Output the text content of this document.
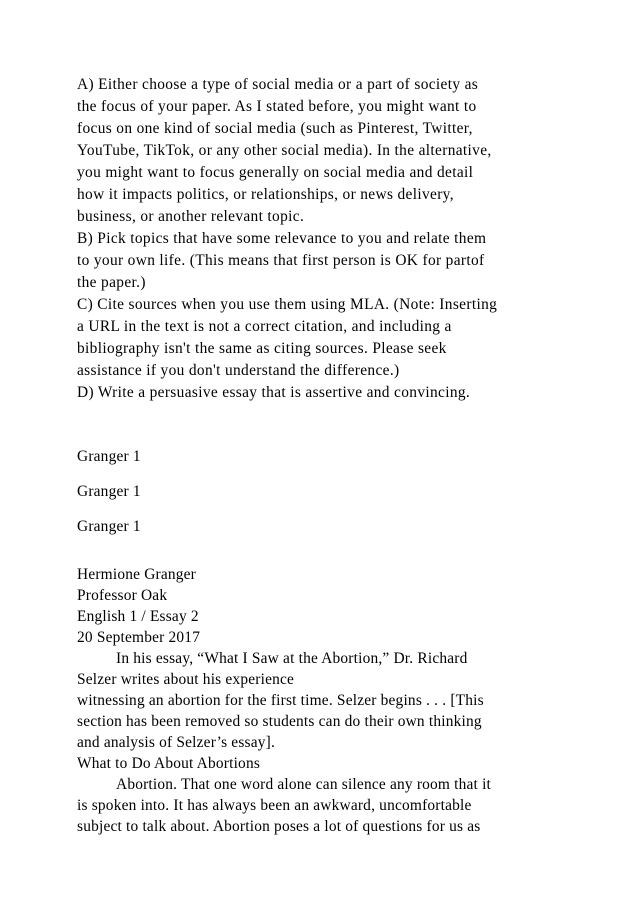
A) Either choose a type of social media or a part of society as

the focus of your paper. As I stated before, you might want to

focus on one kind of social media (such as Pinterest, Twitter,

YouTube, TikTok, or any other social media). In the alternative,

you might want to focus generally on social media and detail

how it impacts politics, or relationships, or news delivery,

business, or another relevant topic.

B) Pick topics that have some relevance to you and relate them

to your own life. (This means that first person is OK for partof

the paper.)

C) Cite sources when you use them using MLA. (Note: Inserting

a URL in the text is not a correct citation, and including a

bibliography isn't the same as citing sources. Please seek

assistance if you don't understand the difference.)

D) Write a persuasive essay that is assertive and convincing.

Granger 1

Granger 1

Granger 1

Hermione Granger

Professor Oak

English 1 / Essay 2

20 September 2017

In his essay, “What I Saw at the Abortion,” Dr. Richard

Selzer writes about his experience

witnessing an abortion for the first time. Selzer begins . . . [This

section has been removed so students can do their own thinking

and analysis of Selzer’s essay].

What to Do About Abortions

Abortion. That one word alone can silence any room that it

is spoken into. It has always been an awkward, uncomfortable

subject to talk about. Abortion poses a lot of questions for us as
